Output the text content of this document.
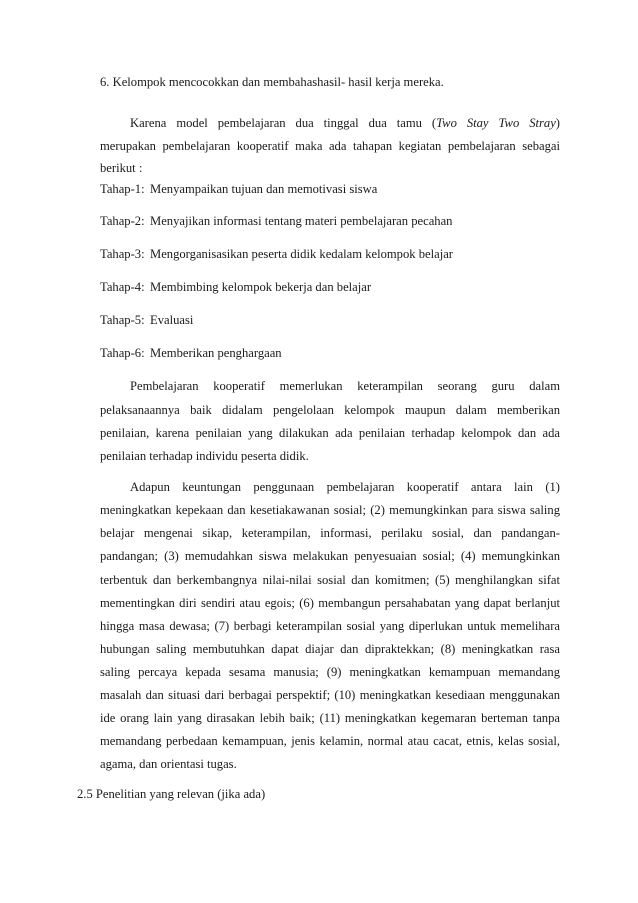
6. Kelompok mencocokkan dan membahashasil- hasil kerja mereka.
Karena model pembelajaran dua tinggal dua tamu (Two Stay Two Stray)
merupakan pembelajaran kooperatif maka ada tahapan kegiatan pembelajaran sebagai
berikut :
Tahap-1: Menyampaikan tujuan dan memotivasi siswa
Tahap-2: Menyajikan informasi tentang materi pembelajaran pecahan
Tahap-3: Mengorganisasikan peserta didik kedalam kelompok belajar
Tahap-4: Membimbing kelompok bekerja dan belajar
Tahap-5: Evaluasi
Tahap-6: Memberikan penghargaan
Pembelajaran kooperatif memerlukan keterampilan seorang guru dalam
pelaksanaannya baik didalam pengelolaan kelompok maupun dalam memberikan
penilaian, karena penilaian yang dilakukan ada penilaian terhadap kelompok dan ada
penilaian terhadap individu peserta didik.
Adapun keuntungan penggunaan pembelajaran kooperatif antara lain (1)
meningkatkan kepekaan dan kesetiakawanan sosial; (2) memungkinkan para siswa saling
belajar mengenai sikap, keterampilan, informasi, perilaku sosial, dan pandangan-
pandangan; (3) memudahkan siswa melakukan penyesuaian sosial; (4) memungkinkan
terbentuk dan berkembangnya nilai-nilai sosial dan komitmen; (5) menghilangkan sifat
mementingkan diri sendiri atau egois; (6) membangun persahabatan yang dapat berlanjut
hingga masa dewasa; (7) berbagi keterampilan sosial yang diperlukan untuk memelihara
hubungan saling membutuhkan dapat diajar dan dipraktekkan; (8) meningkatkan rasa
saling percaya kepada sesama manusia; (9) meningkatkan kemampuan memandang
masalah dan situasi dari berbagai perspektif; (10) meningkatkan kesediaan menggunakan
ide orang lain yang dirasakan lebih baik; (11) meningkatkan kegemaran berteman tanpa
memandang perbedaan kemampuan, jenis kelamin, normal atau cacat, etnis, kelas sosial,
agama, dan orientasi tugas.
2.5 Penelitian yang relevan (jika ada)
